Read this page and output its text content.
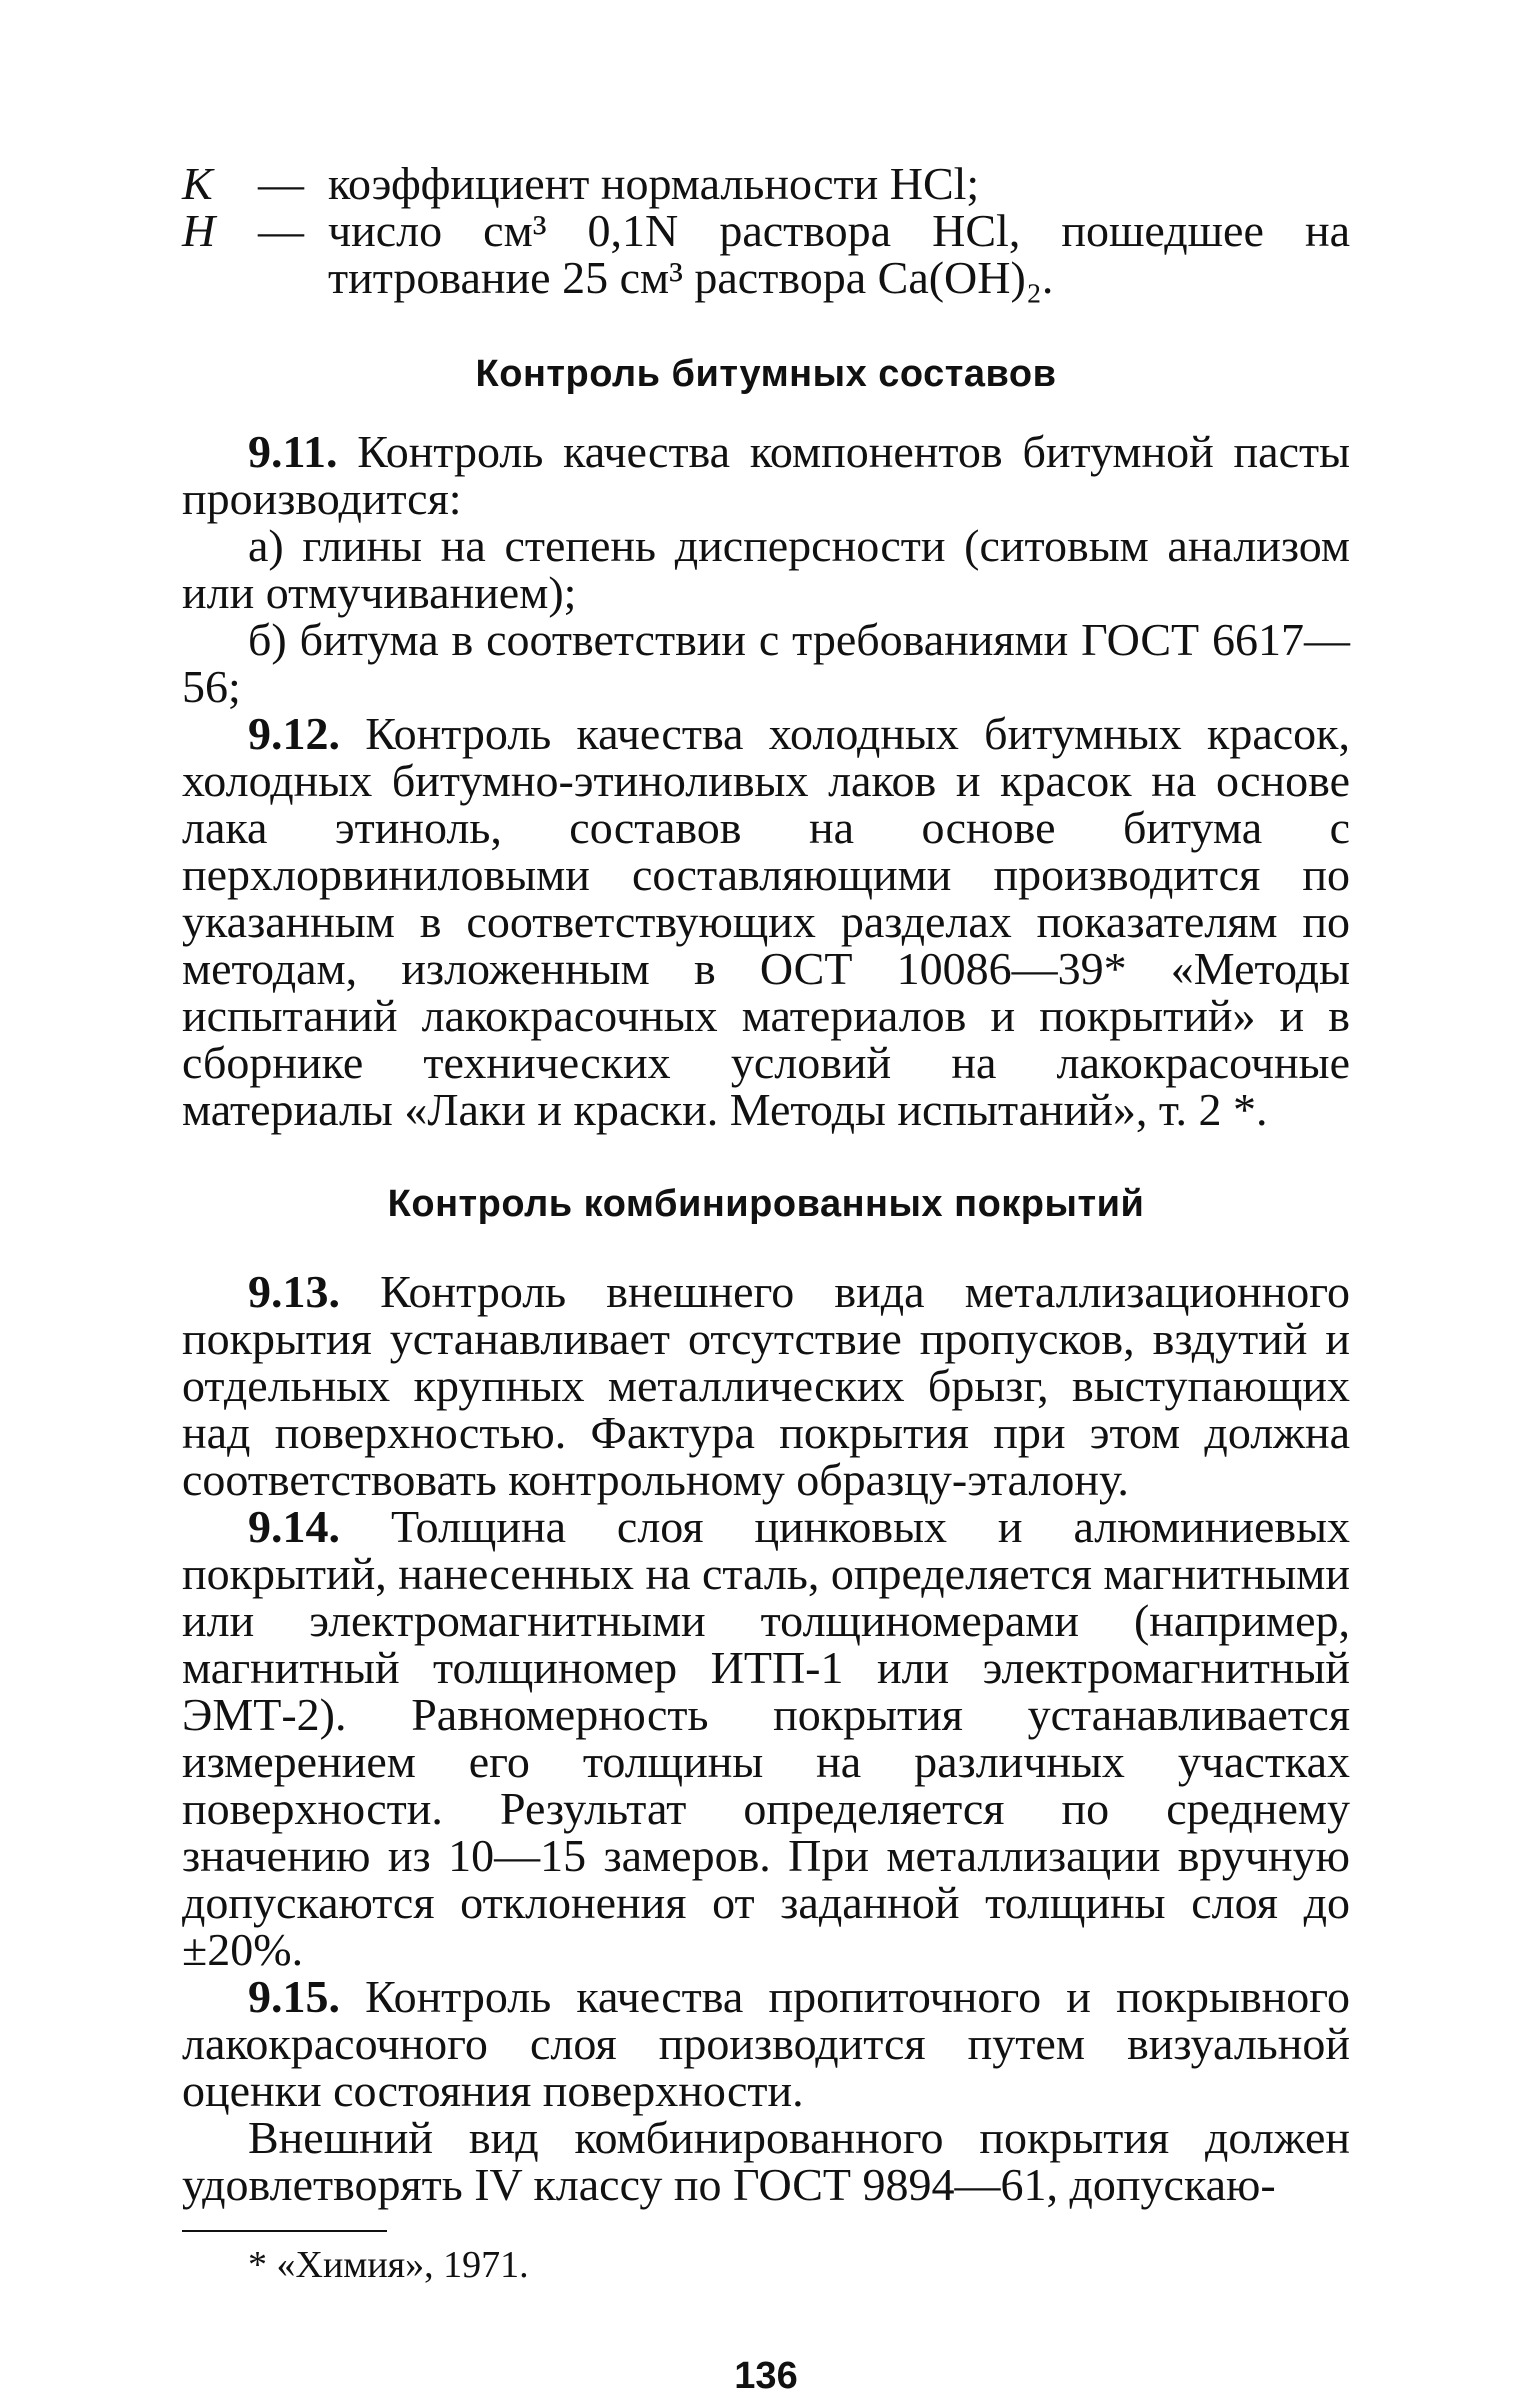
K — коэффициент нормальности HCl;
H — число см³ 0,1N раствора HCl, пошедшее на
титрование 25 см³ раствора Ca(OH)₂.
Контроль битумных составов

9.11. Контроль качества компонентов битумной пасты производится:

а) глины на степень дисперсности (ситовым анализом или отмучиванием);

б) битума в соответствии с требованиями ГОСТ 6617—56;

9.12. Контроль качества холодных битумных красок, холодных битумно-этиноливых лаков и красок на основе лака этиноль, составов на основе битума с перхлорвиниловыми составляющими производится по указанным в соответствующих разделах показателям по методам, изложенным в ОСТ 10086—39* «Методы испытаний лакокрасочных материалов и покрытий» и в сборнике технических условий на лакокрасочные материалы «Лаки и краски. Методы испытаний», т. 2 *.

Контроль комбинированных покрытий

9.13. Контроль внешнего вида металлизационного покрытия устанавливает отсутствие пропусков, вздутий и отдельных крупных металлических брызг, выступающих над поверхностью. Фактура покрытия при этом должна соответствовать контрольному образцу-эталону.

9.14. Толщина слоя цинковых и алюминиевых покрытий, нанесенных на сталь, определяется магнитными или электромагнитными толщиномерами (например, магнитный толщиномер ИТП-1 или электромагнитный ЭМТ-2). Равномерность покрытия устанавливается измерением его толщины на различных участках поверхности. Результат определяется по среднему значению из 10—15 замеров. При металлизации вручную допускаются отклонения от заданной толщины слоя до ±20%.

9.15. Контроль качества пропиточного и покрывного лакокрасочного слоя производится путем визуальной оценки состояния поверхности.

Внешний вид комбинированного покрытия должен удовлетворять IV классу по ГОСТ 9894—61, допускаю-

* «Химия», 1971.
136
